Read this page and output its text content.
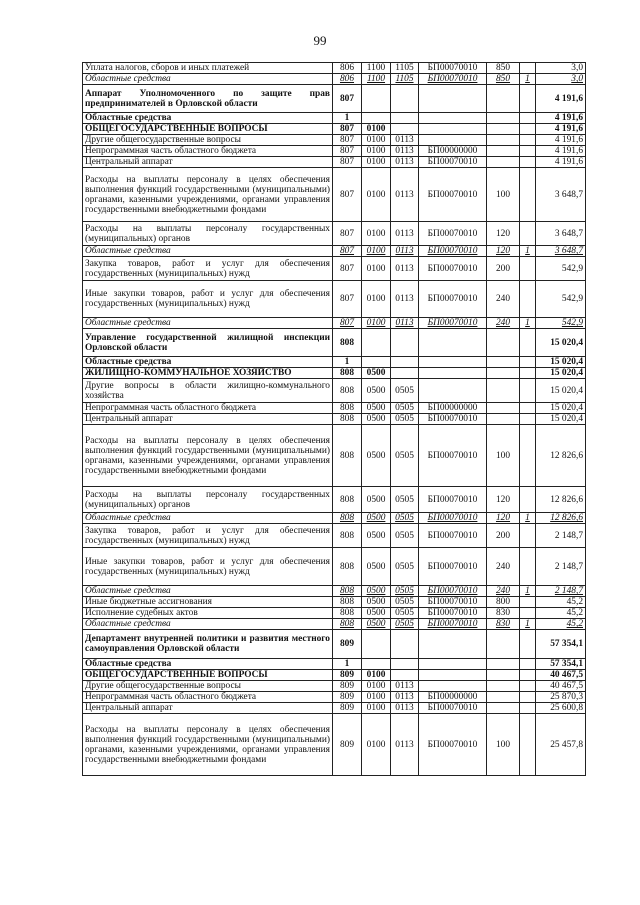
99
Уплата налогов, сборов и иных платежей	806	1100	1105	БП00070010	850		3,0
Областные средства	806	1100	1105	БП00070010	850	1	3,0
Аппарат Уполномоченного по защите прав предпринимателей в Орловской области	807						4 191,6
Областные средства	1						4 191,6
ОБЩЕГОСУДАРСТВЕННЫЕ ВОПРОСЫ	807	0100					4 191,6
Другие общегосударственные вопросы	807	0100	0113				4 191,6
Непрограммная часть областного бюджета	807	0100	0113	БП00000000			4 191,6
Центральный аппарат	807	0100	0113	БП00070010			4 191,6
Расходы на выплаты персоналу в целях обеспечения выполнения функций государственными (муниципальными) органами, казенными учреждениями, органами управления государственными внебюджетными фондами	807	0100	0113	БП00070010	100		3 648,7
Расходы на выплаты персоналу государственных (муниципальных) органов	807	0100	0113	БП00070010	120		3 648,7
Областные средства	807	0100	0113	БП00070010	120	1	3 648,7
Закупка товаров, работ и услуг для обеспечения государственных (муниципальных) нужд	807	0100	0113	БП00070010	200		542,9
Иные закупки товаров, работ и услуг для обеспечения государственных (муниципальных) нужд	807	0100	0113	БП00070010	240		542,9
Областные средства	807	0100	0113	БП00070010	240	1	542,9
Управление государственной жилищной инспекции Орловской области	808						15 020,4
Областные средства	1						15 020,4
ЖИЛИЩНО-КОММУНАЛЬНОЕ ХОЗЯЙСТВО	808	0500					15 020,4
Другие вопросы в области жилищно-коммунального хозяйства	808	0500	0505				15 020,4
Непрограммная часть областного бюджета	808	0500	0505	БП00000000			15 020,4
Центральный аппарат	808	0500	0505	БП00070010			15 020,4
Расходы на выплаты персоналу в целях обеспечения выполнения функций государственными (муниципальными) органами, казенными учреждениями, органами управления государственными внебюджетными фондами	808	0500	0505	БП00070010	100		12 826,6
Расходы на выплаты персоналу государственных (муниципальных) органов	808	0500	0505	БП00070010	120		12 826,6
Областные средства	808	0500	0505	БП00070010	120	1	12 826,6
Закупка товаров, работ и услуг для обеспечения государственных (муниципальных) нужд	808	0500	0505	БП00070010	200		2 148,7
Иные закупки товаров, работ и услуг для обеспечения государственных (муниципальных) нужд	808	0500	0505	БП00070010	240		2 148,7
Областные средства	808	0500	0505	БП00070010	240	1	2 148,7
Иные бюджетные ассигнования	808	0500	0505	БП00070010	800		45,2
Исполнение судебных актов	808	0500	0505	БП00070010	830		45,2
Областные средства	808	0500	0505	БП00070010	830	1	45,2
Департамент внутренней политики и развития местного самоуправления Орловской области	809						57 354,1
Областные средства	1						57 354,1
ОБЩЕГОСУДАРСТВЕННЫЕ ВОПРОСЫ	809	0100					40 467,5
Другие общегосударственные вопросы	809	0100	0113				40 467,5
Непрограммная часть областного бюджета	809	0100	0113	БП00000000			25 870,3
Центральный аппарат	809	0100	0113	БП00070010			25 600,8
Расходы на выплаты персоналу в целях обеспечения выполнения функций государственными (муниципальными) органами, казенными учреждениями, органами управления государственными внебюджетными фондами	809	0100	0113	БП00070010	100		25 457,8
